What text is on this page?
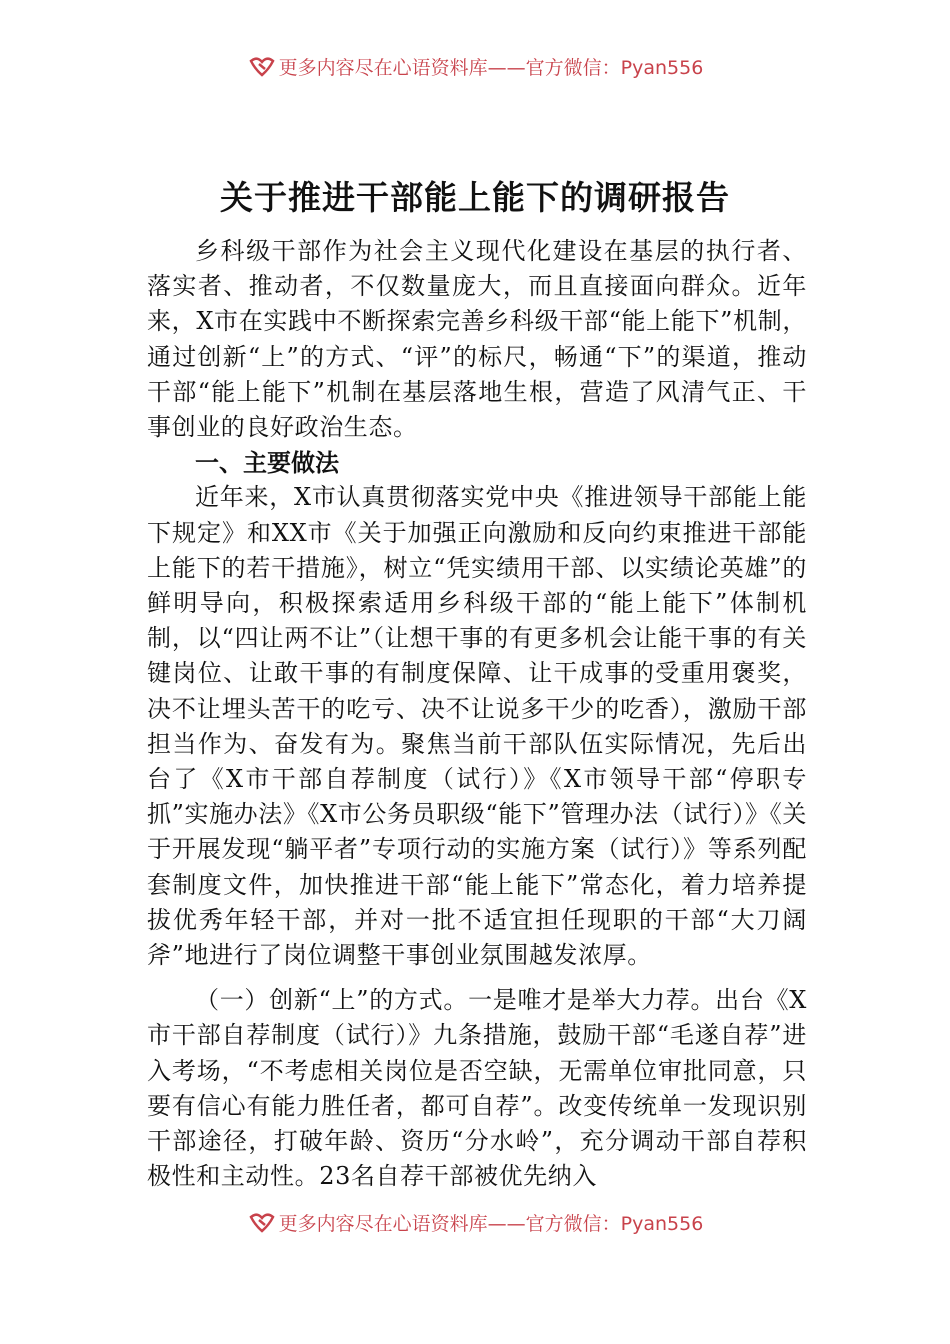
更多内容尽在心语资料库——官方微信：Pyan556
关于推进干部能上能下的调研报告

乡科级干部作为社会主义现代化建设在基层的执行者、落实者、推动者，不仅数量庞大，而且直接面向群众。近年来，X市在实践中不断探索完善乡科级干部“能上能下”机制，通过创新“上”的方式、“评”的标尺，畅通“下”的渠道，推动干部“能上能下”机制在基层落地生根，营造了风清气正、干事创业的良好政治生态。

一、主要做法

近年来，X市认真贯彻落实党中央《推进领导干部能上能下规定》和XX市《关于加强正向激励和反向约束推进干部能上能下的若干措施》，树立“凭实绩用干部、以实绩论英雄”的鲜明导向，积极探索适用乡科级干部的“能上能下”体制机制，以“四让两不让”（让想干事的有更多机会让能干事的有关键岗位、让敢干事的有制度保障、让干成事的受重用褒奖，决不让埋头苦干的吃亏、决不让说多干少的吃香），激励干部担当作为、奋发有为。聚焦当前干部队伍实际情况，先后出台了《X市干部自荐制度（试行）》《X市领导干部“停职专抓”实施办法》《X市公务员职级“能下”管理办法（试行）》《关于开展发现“躺平者”专项行动的实施方案（试行）》等系列配套制度文件，加快推进干部“能上能下”常态化，着力培养提拔优秀年轻干部，并对一批不适宜担任现职的干部“大刀阔斧”地进行了岗位调整干事创业氛围越发浓厚。

（一）创新“上”的方式。一是唯才是举大力荐。出台《X市干部自荐制度（试行）》九条措施，鼓励干部“毛遂自荐”进入考场，“不考虑相关岗位是否空缺，无需单位审批同意，只要有信心有能力胜任者，都可自荐”。改变传统单一发现识别干部途径，打破年龄、资历“分水岭”，充分调动干部自荐积极性和主动性。23名自荐干部被优先纳入

更多内容尽在心语资料库——官方微信：Pyan556
